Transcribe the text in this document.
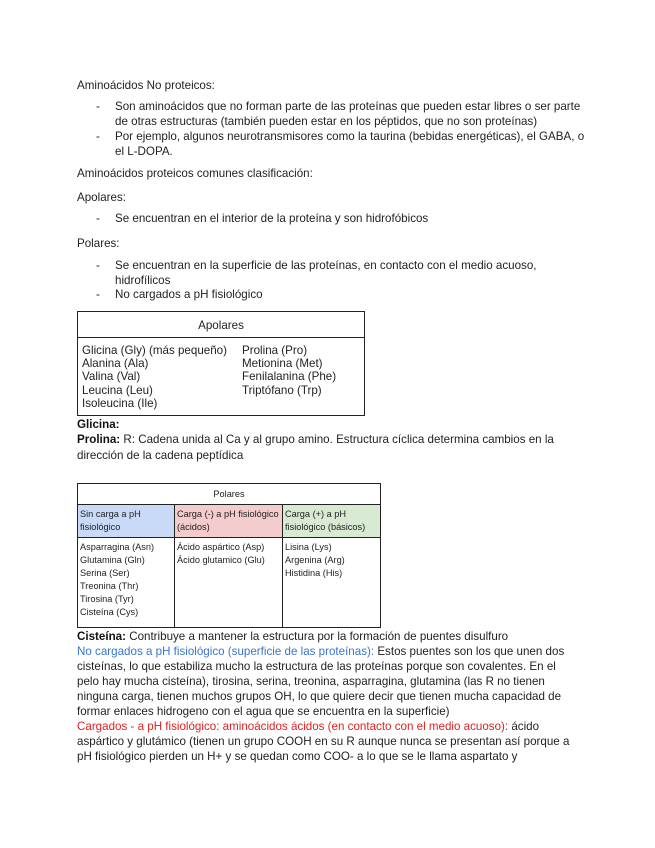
Aminoácidos No proteicos:
- Son aminoácidos que no forman parte de las proteínas que pueden estar libres o ser parte de otras estructuras (también pueden estar en los péptidos, que no son proteínas)
- Por ejemplo, algunos neurotransmisores como la taurina (bebidas energéticas), el GABA, o el L-DOPA.
Aminoácidos proteicos comunes clasificación:
Apolares:
- Se encuentran en el interior de la proteína y son hidrofóbicos
Polares:
- Se encuentran en la superficie de las proteínas, en contacto con el medio acuoso, hidrofílicos
- No cargados a pH fisiológico
Apolares
Glicina (Gly) (más pequeño)
Alanina (Ala)
Valina (Val)
Leucina (Leu)
Isoleucina (Ile)
Prolina (Pro)
Metionina (Met)
Fenilalanina (Phe)
Triptófano (Trp)
Glicina:
Prolina: R: Cadena unida al Ca y al grupo amino. Estructura cíclica determina cambios en la
dirección de la cadena peptídica
Polares
Sin carga a pH fisiológico
Carga (-) a pH fisiológico (ácidos)
Carga (+) a pH fisiológico (básicos)
Asparragina (Asn)
Glutamina (Gln)
Serina (Ser)
Treonina (Thr)
Tirosina (Tyr)
Cisteína (Cys)
Ácido aspártico (Asp)
Ácido glutamico (Glu)
Lisina (Lys)
Argenina (Arg)
Histidina (His)
Cisteína: Contribuye a mantener la estructura por la formación de puentes disulfuro
No cargados a pH fisiológico (superficie de las proteínas): Estos puentes son los que unen dos
cisteínas, lo que estabiliza mucho la estructura de las proteínas porque son covalentes. En el
pelo hay mucha cisteína), tirosina, serina, treonina, asparragina, glutamina (las R no tienen
ninguna carga, tienen muchos grupos OH, lo que quiere decir que tienen mucha capacidad de
formar enlaces hidrogeno con el agua que se encuentra en la superficie)
Cargados - a pH fisiológico: aminoácidos ácidos (en contacto con el medio acuoso): ácido
aspártico y glutámico (tienen un grupo COOH en su R aunque nunca se presentan así porque a
pH fisiológico pierden un H+ y se quedan como COO- a lo que se le llama aspartato y
